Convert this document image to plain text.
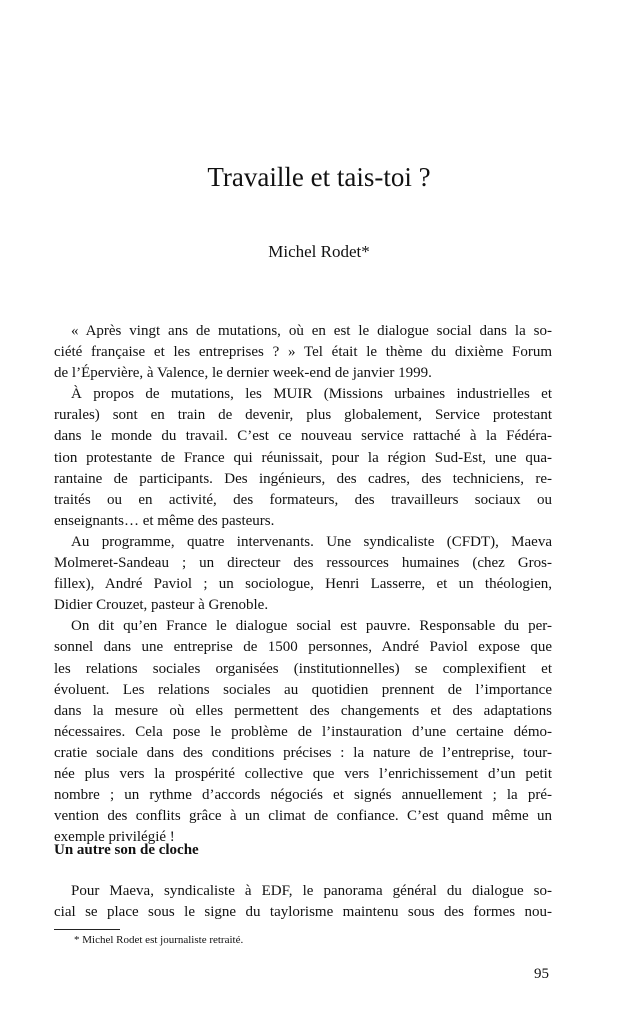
Travaille et tais-toi ?
Michel Rodet*
« Après vingt ans de mutations, où en est le dialogue social dans la so-
ciété française et les entreprises ? » Tel était le thème du dixième Forum
de l’Épervière, à Valence, le dernier week-end de janvier 1999.
À propos de mutations, les MUIR (Missions urbaines industrielles et
rurales) sont en train de devenir, plus globalement, Service protestant
dans le monde du travail. C’est ce nouveau service rattaché à la Fédéra-
tion protestante de France qui réunissait, pour la région Sud-Est, une qua-
rantaine de participants. Des ingénieurs, des cadres, des techniciens, re-
traités ou en activité, des formateurs, des travailleurs sociaux ou
enseignants… et même des pasteurs.
Au programme, quatre intervenants. Une syndicaliste (CFDT), Maeva
Molmeret-Sandeau ; un directeur des ressources humaines (chez Gros-
fillex), André Paviol ; un sociologue, Henri Lasserre, et un théologien,
Didier Crouzet, pasteur à Grenoble.
On dit qu’en France le dialogue social est pauvre. Responsable du per-
sonnel dans une entreprise de 1500 personnes, André Paviol expose que
les relations sociales organisées (institutionnelles) se complexifient et
évoluent. Les relations sociales au quotidien prennent de l’importance
dans la mesure où elles permettent des changements et des adaptations
nécessaires. Cela pose le problème de l’instauration d’une certaine démo-
cratie sociale dans des conditions précises : la nature de l’entreprise, tour-
née plus vers la prospérité collective que vers l’enrichissement d’un petit
nombre ; un rythme d’accords négociés et signés annuellement ; la pré-
vention des conflits grâce à un climat de confiance. C’est quand même un
exemple privilégié !
Un autre son de cloche
Pour Maeva, syndicaliste à EDF, le panorama général du dialogue so-
cial se place sous le signe du taylorisme maintenu sous des formes nou-
* Michel Rodet est journaliste retraité.
95
